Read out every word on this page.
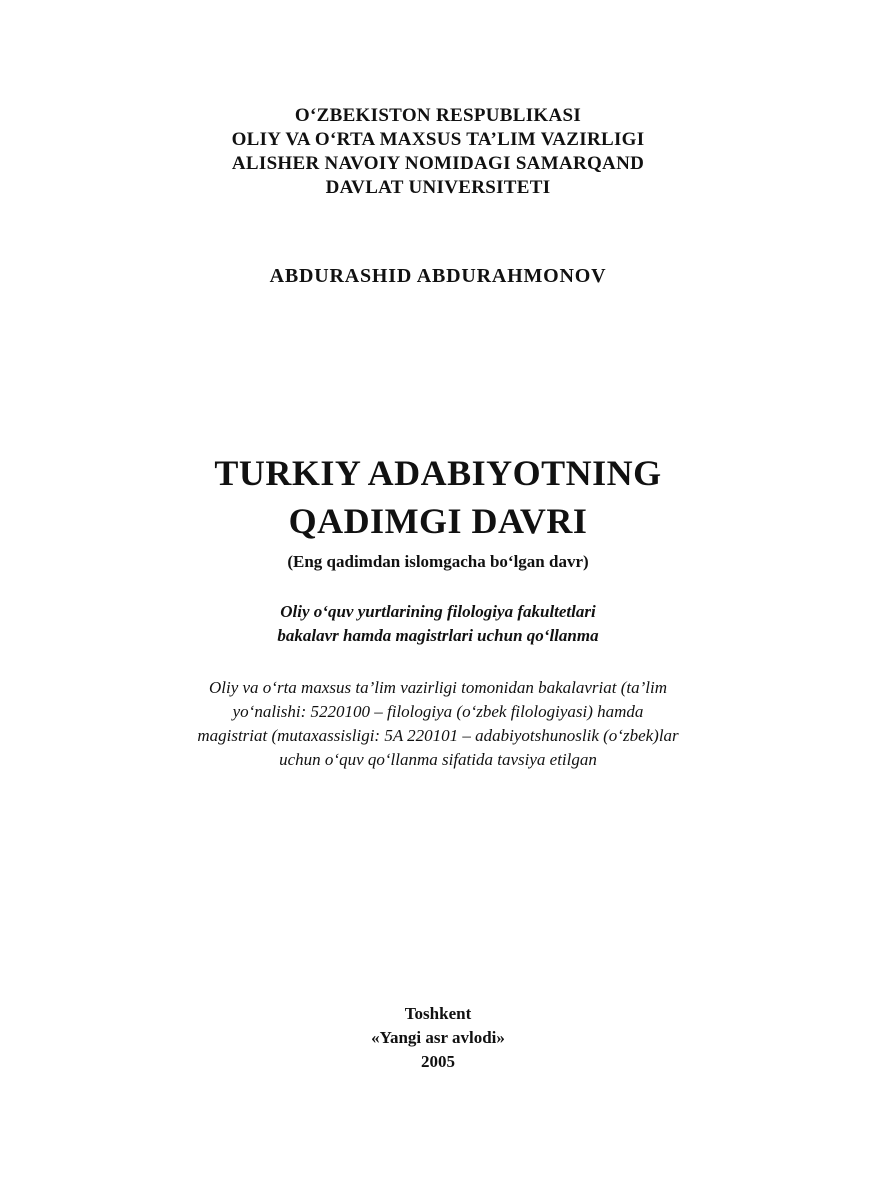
O‘ZBEKISTON RESPUBLIKASI
OLIY VA O‘RTA MAXSUS TA’LIM VAZIRLIGI
ALISHER NAVOIY NOMIDAGI SAMARQAND
DAVLAT UNIVERSITETI
ABDURASHID ABDURAHMONOV
TURKIY ADABIYOTNING
QADIMGI DAVRI
(Eng qadimdan islomgacha bo‘lgan davr)
Oliy o‘quv yurtlarining filologiya fakultetlari
bakalavr hamda magistrlari uchun qo‘llanma
Oliy va o‘rta maxsus ta’lim vazirligi tomonidan bakalavriat (ta’lim
yo‘nalishi: 5220100 – filologiya (o‘zbek filologiyasi) hamda
magistriat (mutaxassisligi: 5A 220101 – adabiyotshunoslik (o‘zbek)lar
uchun o‘quv qo‘llanma sifatida tavsiya etilgan
Toshkent
«Yangi asr avlodi»
2005
